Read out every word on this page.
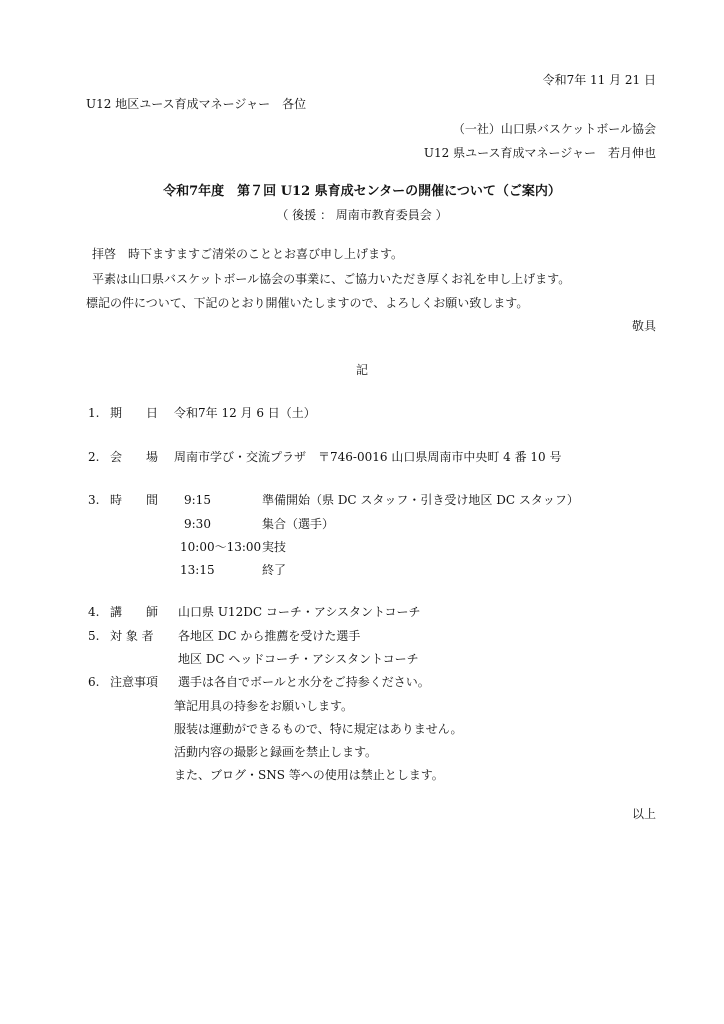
令和7年 11 月 21 日
U12 地区ユース育成マネージャー　各位
（一社）山口県バスケットボール協会
U12 県ユース育成マネージャー　若月伸也
令和7年度　第７回 U12 県育成センターの開催について（ご案内）
（ 後援 ： 周南市教育委員会 ）
拝啓　時下ますますご清栄のこととお喜び申し上げます。
平素は山口県バスケットボール協会の事業に、ご協力いただき厚くお礼を申し上げます。
標記の件について、下記のとおり開催いたしますので、よろしくお願い致します。
敬具
記
1. 期　　日 令和7年 12 月 6 日（土）
2. 会　　場 周南市学び・交流プラザ　〒746-0016 山口県周南市中央町 4 番 10 号
3. 時　　間 9:15	準備開始（県 DC スタッフ・引き受け地区 DC スタッフ）
9:30	集合（選手）
10:00～13:00 実技
13:15	終了
4. 講　　師 山口県 U12DC コーチ・アシスタントコーチ
5. 対 象 者 各地区 DC から推薦を受けた選手
地区 DC ヘッドコーチ・アシスタントコーチ
6. 注意事項 選手は各自でボールと水分をご持参ください。
筆記用具の持参をお願いします。
服装は運動ができるもので、特に規定はありません。
活動内容の撮影と録画を禁止します。
また、ブログ・SNS 等への使用は禁止とします。
以上
